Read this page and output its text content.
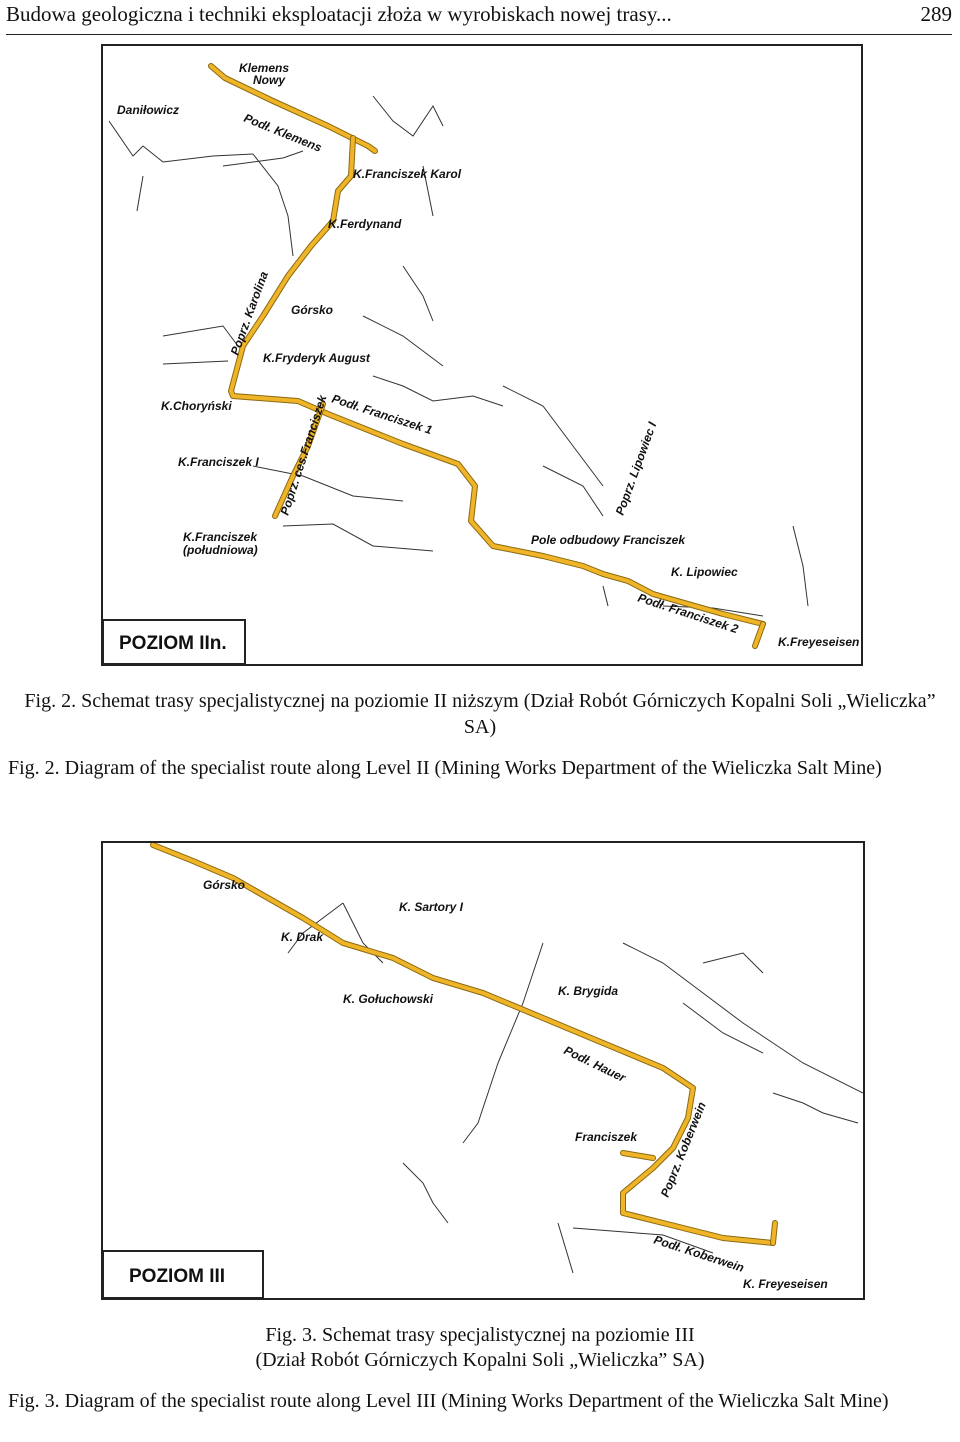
Budowa geologiczna i techniki eksploatacji złoża w wyrobiskach nowej trasy...	289
Klemens
Nowy
Daniłowicz
Podł. Klemens
K.Franciszek Karol
K.Ferdynand
Poprz. Karolina Górsko
K.Fryderyk August
K.Choryński	Podł. Franciszek 1
K.Franciszek I Poprz. ces.Franciszek
K.Franciszek
(południowa)
Poprz. Lipowiec I
Pole odbudowy Franciszek
K. Lipowiec
Podł. Franciszek 2
K.Freyeseisen
POZIOM IIn.
Fig. 2. Schemat trasy specjalistycznej na poziomie II niższym (Dział Robót Górniczych Kopalni Soli „Wieliczka” SA)
Fig. 2. Diagram of the specialist route along Level II (Mining Works Department of the Wieliczka Salt Mine)
Górsko
K. Sartory I
K. Drak
K. Gołuchowski
K. Brygida
Podł. Hauer
Franciszek Poprz. Koberwein
Podł. Koberwein
K. Freyeseisen
POZIOM III
Fig. 3. Schemat trasy specjalistycznej na poziomie III
(Dział Robót Górniczych Kopalni Soli „Wieliczka” SA)
Fig. 3. Diagram of the specialist route along Level III (Mining Works Department of the Wieliczka Salt Mine)
